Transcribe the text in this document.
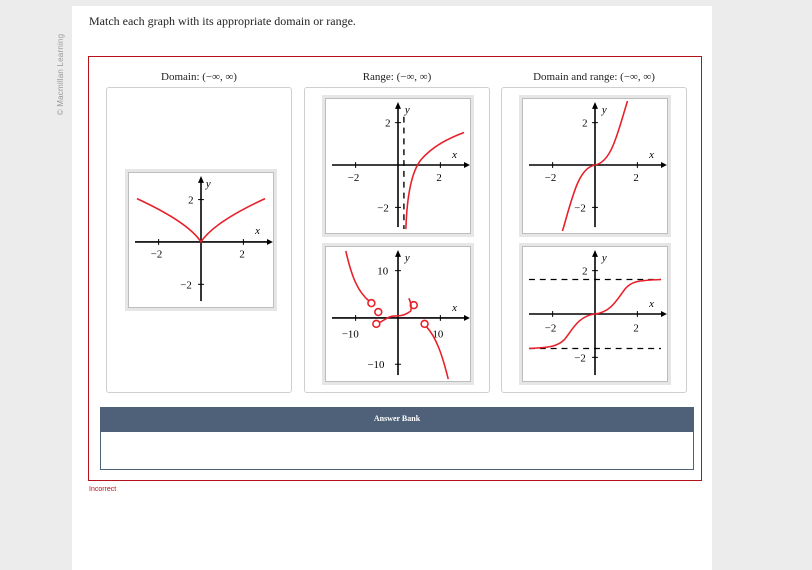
© Macmillan Learning
Match each graph with its appropriate domain or range.
Domain: (−∞, ∞)	Range: (−∞, ∞)	Domain and range: (−∞, ∞)
y
x
−2	2
2
−2
y
x
−2	2
2
−2
y
x
−2	2
2
−2
y
x
−10	10
10
−10
y
x
−2	2
2
−2
Answer Bank
Incorrect
